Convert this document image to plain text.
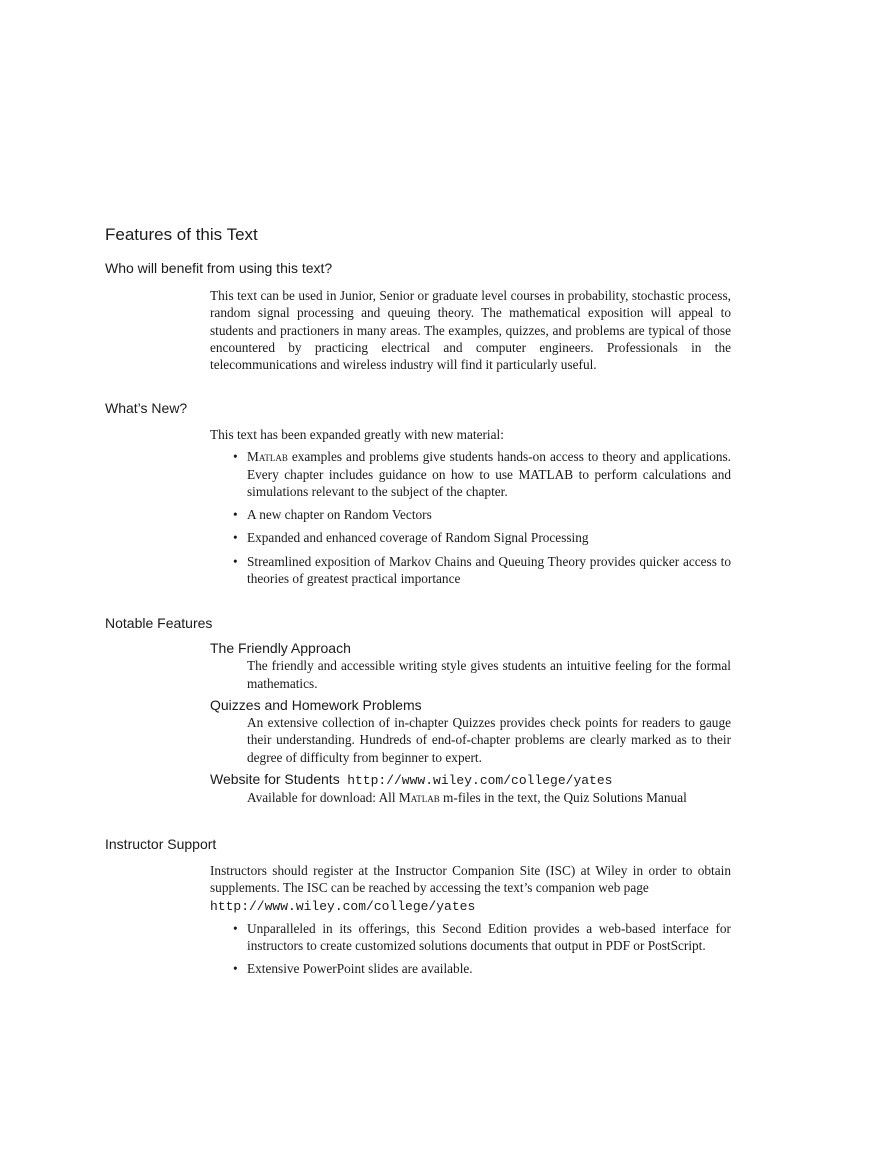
Features of this Text
Who will benefit from using this text?

This text can be used in Junior, Senior or graduate level courses in probability, stochastic process, random signal processing and queuing theory. The mathematical exposition will appeal to students and practioners in many areas. The examples, quizzes, and problems are typical of those encountered by practicing electrical and computer engineers. Professionals in the telecommunications and wireless industry will find it particularly useful.

What’s New?

This text has been expanded greatly with new material:

• Matlab examples and problems give students hands-on access to theory and applications. Every chapter includes guidance on how to use MATLAB to perform calculations and simulations relevant to the subject of the chapter.
• A new chapter on Random Vectors
• Expanded and enhanced coverage of Random Signal Processing
• Streamlined exposition of Markov Chains and Queuing Theory provides quicker access to theories of greatest practical importance
Notable Features
The Friendly Approach
The friendly and accessible writing style gives students an intuitive feeling for the formal mathematics.
Quizzes and Homework Problems
An extensive collection of in-chapter Quizzes provides check points for readers to gauge their understanding. Hundreds of end-of-chapter problems are clearly marked as to their degree of difficulty from beginner to expert.
Website for Students http://www.wiley.com/college/yates
Available for download: All Matlab m-files in the text, the Quiz Solutions Manual
Instructor Support

Instructors should register at the Instructor Companion Site (ISC) at Wiley in order to obtain supplements. The ISC can be reached by accessing the text’s companion web page

http://www.wiley.com/college/yates

• Unparalleled in its offerings, this Second Edition provides a web-based interface for instructors to create customized solutions documents that output in PDF or PostScript.
• Extensive PowerPoint slides are available.
